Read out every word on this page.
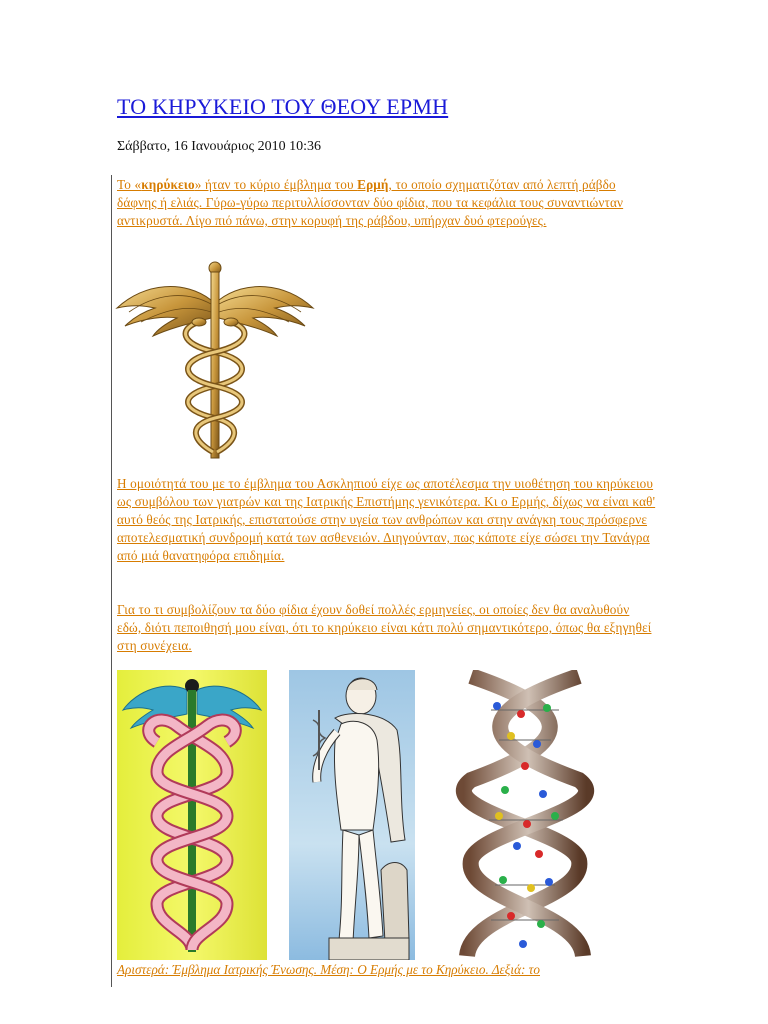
ΤΟ ΚΗΡΥΚΕΙΟ ΤΟΥ ΘΕΟΥ ΕΡΜΗ
Σάββατο, 16 Ιανουάριος 2010 10:36

Το «κηρύκειο» ήταν το κύριο έμβλημα του Ερμή, το οποίο σχηματιζόταν από λεπτή ράβδο δάφνης ή ελιάς. Γύρω-γύρω περιτυλλίσσονταν δύο φίδια, που τα κεφάλια τους συναντιώνταν αντικρυστά. Λίγο πιό πάνω, στην κορυφή της ράβδου, υπήρχαν δυό φτερούγες.

Η ομοιότητά του με το έμβλημα του Ασκληπιού είχε ως αποτέλεσμα την υιοθέτηση του κηρύκειου ως συμβόλου των γιατρών και της Ιατρικής Επιστήμης γενικότερα. Κι ο Ερμής, δίχως να είναι καθ' αυτό θεός της Ιατρικής, επιστατούσε στην υγεία των ανθρώπων και στην ανάγκη τους πρόσφερνε αποτελεσματική συνδρομή κατά των ασθενειών. Διηγούνταν, πως κάποτε είχε σώσει την Τανάγρα από μιά θανατηφόρα επιδημία.

Για το τι συμβολίζουν τα δύο φίδια έχουν δοθεί πολλές ερμηνείες, οι οποίες δεν θα αναλυθούν εδώ, διότι πεποιθησή μου είναι, ότι το κηρύκειο είναι κάτι πολύ σημαντικότερο, όπως θα εξηγηθεί στη συνέχεια.

Αριστερά: Έμβλημα Ιατρικής Ένωσης. Μέση: Ο Ερμής με το Κηρύκειο. Δεξιά: το
